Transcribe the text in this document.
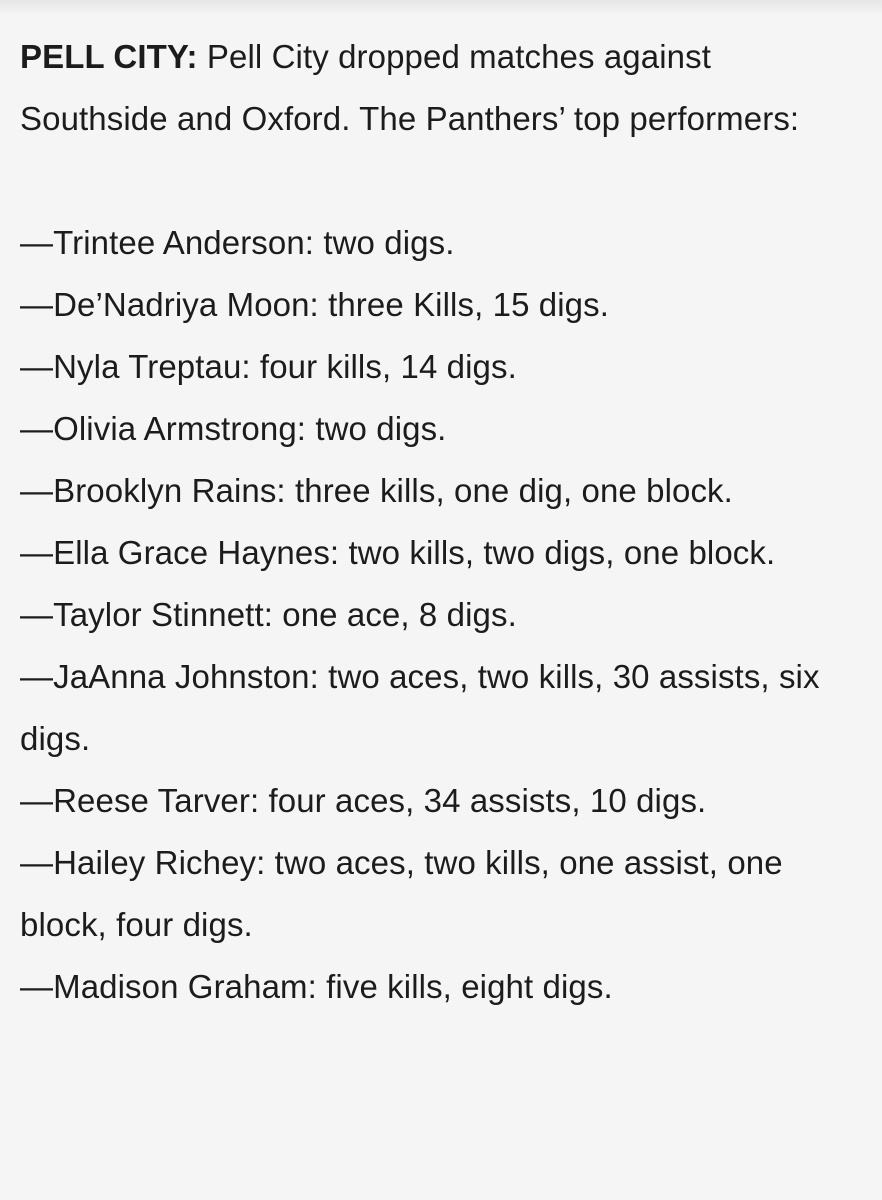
PELL CITY: Pell City dropped matches against Southside and Oxford. The Panthers’ top performers:

—Trintee Anderson: two digs.
—De’Nadriya Moon: three Kills, 15 digs.
—Nyla Treptau: four kills, 14 digs.
—Olivia Armstrong: two digs.
—Brooklyn Rains: three kills, one dig, one block.
—Ella Grace Haynes: two kills, two digs, one block.
—Taylor Stinnett: one ace, 8 digs.
—JaAnna Johnston: two aces, two kills, 30 assists, six digs.
—Reese Tarver: four aces, 34 assists, 10 digs.
—Hailey Richey: two aces, two kills, one assist, one block, four digs.
—Madison Graham: five kills, eight digs.
